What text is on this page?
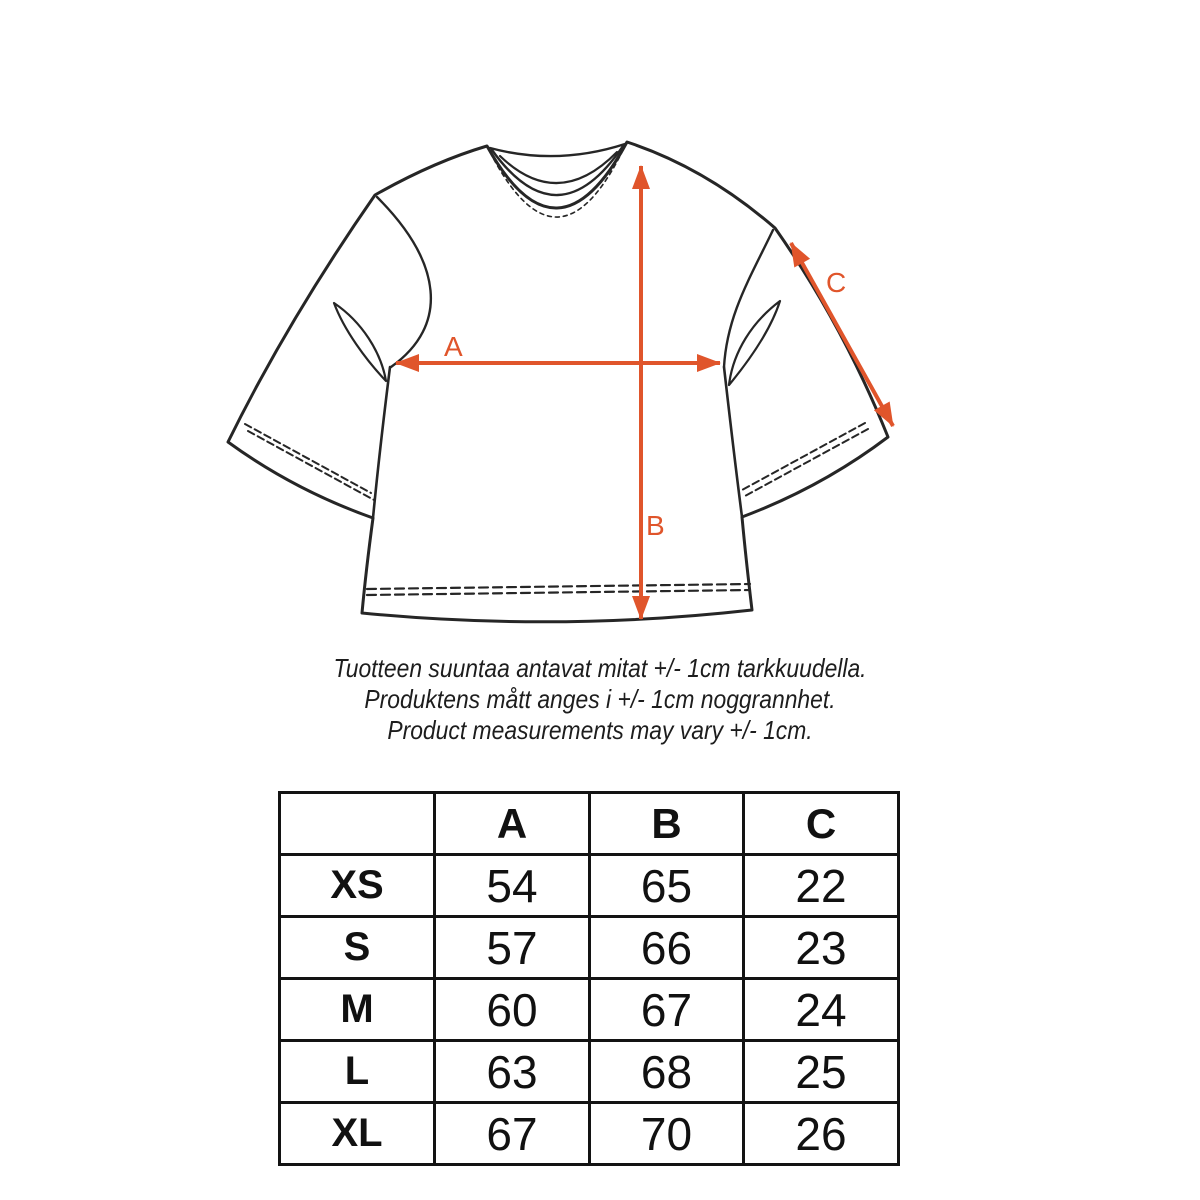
A
B
C
Tuotteen suuntaa antavat mitat +/- 1cm tarkkuudella.
Produktens mått anges i +/- 1cm noggrannhet.
Product measurements may vary +/- 1cm.
	A	B	C
XS	54	65	22
S	57	66	23
M	60	67	24
L	63	68	25
XL	67	70	26
